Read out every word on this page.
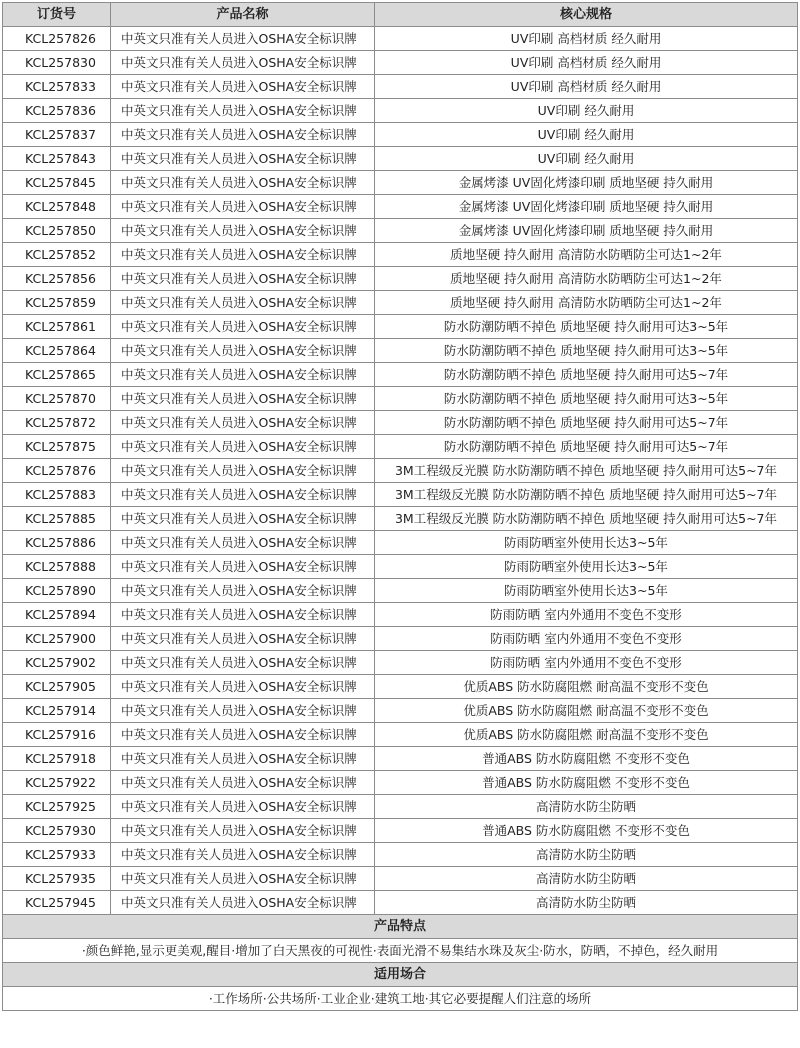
订货号	产品名称	核心规格
KCL257826	中英文只准有关人员进入OSHA安全标识牌	UV印刷 高档材质 经久耐用
KCL257830	中英文只准有关人员进入OSHA安全标识牌	UV印刷 高档材质 经久耐用
KCL257833	中英文只准有关人员进入OSHA安全标识牌	UV印刷 高档材质 经久耐用
KCL257836	中英文只准有关人员进入OSHA安全标识牌	UV印刷 经久耐用
KCL257837	中英文只准有关人员进入OSHA安全标识牌	UV印刷 经久耐用
KCL257843	中英文只准有关人员进入OSHA安全标识牌	UV印刷 经久耐用
KCL257845	中英文只准有关人员进入OSHA安全标识牌	金属烤漆 UV固化烤漆印刷 质地坚硬 持久耐用
KCL257848	中英文只准有关人员进入OSHA安全标识牌	金属烤漆 UV固化烤漆印刷 质地坚硬 持久耐用
KCL257850	中英文只准有关人员进入OSHA安全标识牌	金属烤漆 UV固化烤漆印刷 质地坚硬 持久耐用
KCL257852	中英文只准有关人员进入OSHA安全标识牌	质地坚硬 持久耐用 高清防水防晒防尘可达1~2年
KCL257856	中英文只准有关人员进入OSHA安全标识牌	质地坚硬 持久耐用 高清防水防晒防尘可达1~2年
KCL257859	中英文只准有关人员进入OSHA安全标识牌	质地坚硬 持久耐用 高清防水防晒防尘可达1~2年
KCL257861	中英文只准有关人员进入OSHA安全标识牌	防水防潮防晒不掉色 质地坚硬 持久耐用可达3~5年
KCL257864	中英文只准有关人员进入OSHA安全标识牌	防水防潮防晒不掉色 质地坚硬 持久耐用可达3~5年
KCL257865	中英文只准有关人员进入OSHA安全标识牌	防水防潮防晒不掉色 质地坚硬 持久耐用可达5~7年
KCL257870	中英文只准有关人员进入OSHA安全标识牌	防水防潮防晒不掉色 质地坚硬 持久耐用可达3~5年
KCL257872	中英文只准有关人员进入OSHA安全标识牌	防水防潮防晒不掉色 质地坚硬 持久耐用可达5~7年
KCL257875	中英文只准有关人员进入OSHA安全标识牌	防水防潮防晒不掉色 质地坚硬 持久耐用可达5~7年
KCL257876	中英文只准有关人员进入OSHA安全标识牌	3M工程级反光膜 防水防潮防晒不掉色 质地坚硬 持久耐用可达5~7年
KCL257883	中英文只准有关人员进入OSHA安全标识牌	3M工程级反光膜 防水防潮防晒不掉色 质地坚硬 持久耐用可达5~7年
KCL257885	中英文只准有关人员进入OSHA安全标识牌	3M工程级反光膜 防水防潮防晒不掉色 质地坚硬 持久耐用可达5~7年
KCL257886	中英文只准有关人员进入OSHA安全标识牌	防雨防晒室外使用长达3~5年
KCL257888	中英文只准有关人员进入OSHA安全标识牌	防雨防晒室外使用长达3~5年
KCL257890	中英文只准有关人员进入OSHA安全标识牌	防雨防晒室外使用长达3~5年
KCL257894	中英文只准有关人员进入OSHA安全标识牌	防雨防晒 室内外通用不变色不变形
KCL257900	中英文只准有关人员进入OSHA安全标识牌	防雨防晒 室内外通用不变色不变形
KCL257902	中英文只准有关人员进入OSHA安全标识牌	防雨防晒 室内外通用不变色不变形
KCL257905	中英文只准有关人员进入OSHA安全标识牌	优质ABS 防水防腐阻燃 耐高温不变形不变色
KCL257914	中英文只准有关人员进入OSHA安全标识牌	优质ABS 防水防腐阻燃 耐高温不变形不变色
KCL257916	中英文只准有关人员进入OSHA安全标识牌	优质ABS 防水防腐阻燃 耐高温不变形不变色
KCL257918	中英文只准有关人员进入OSHA安全标识牌	普通ABS 防水防腐阻燃 不变形不变色
KCL257922	中英文只准有关人员进入OSHA安全标识牌	普通ABS 防水防腐阻燃 不变形不变色
KCL257925	中英文只准有关人员进入OSHA安全标识牌	高清防水防尘防晒
KCL257930	中英文只准有关人员进入OSHA安全标识牌	普通ABS 防水防腐阻燃 不变形不变色
KCL257933	中英文只准有关人员进入OSHA安全标识牌	高清防水防尘防晒
KCL257935	中英文只准有关人员进入OSHA安全标识牌	高清防水防尘防晒
KCL257945	中英文只准有关人员进入OSHA安全标识牌	高清防水防尘防晒
产品特点		
·颜色鲜艳,显示更美观,醒目·增加了白天黑夜的可视性·表面光滑不易集结水珠及灰尘·防水，防晒，不掉色，经久耐用		
适用场合		
·工作场所·公共场所·工业企业·建筑工地·其它必要提醒人们注意的场所		
